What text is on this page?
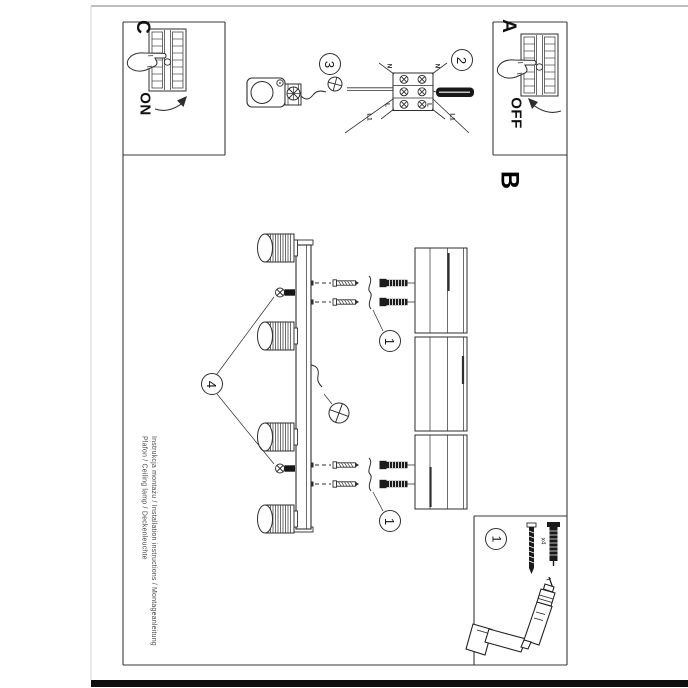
C
ON
A
OFF
B
3
2
4
1
1
1
N	N
L	L
L1	L1
x4
Instrukcja montażu / Installation instructions / Montageanleitung
Plafon / Ceiling lamp / Deckenleuchte
